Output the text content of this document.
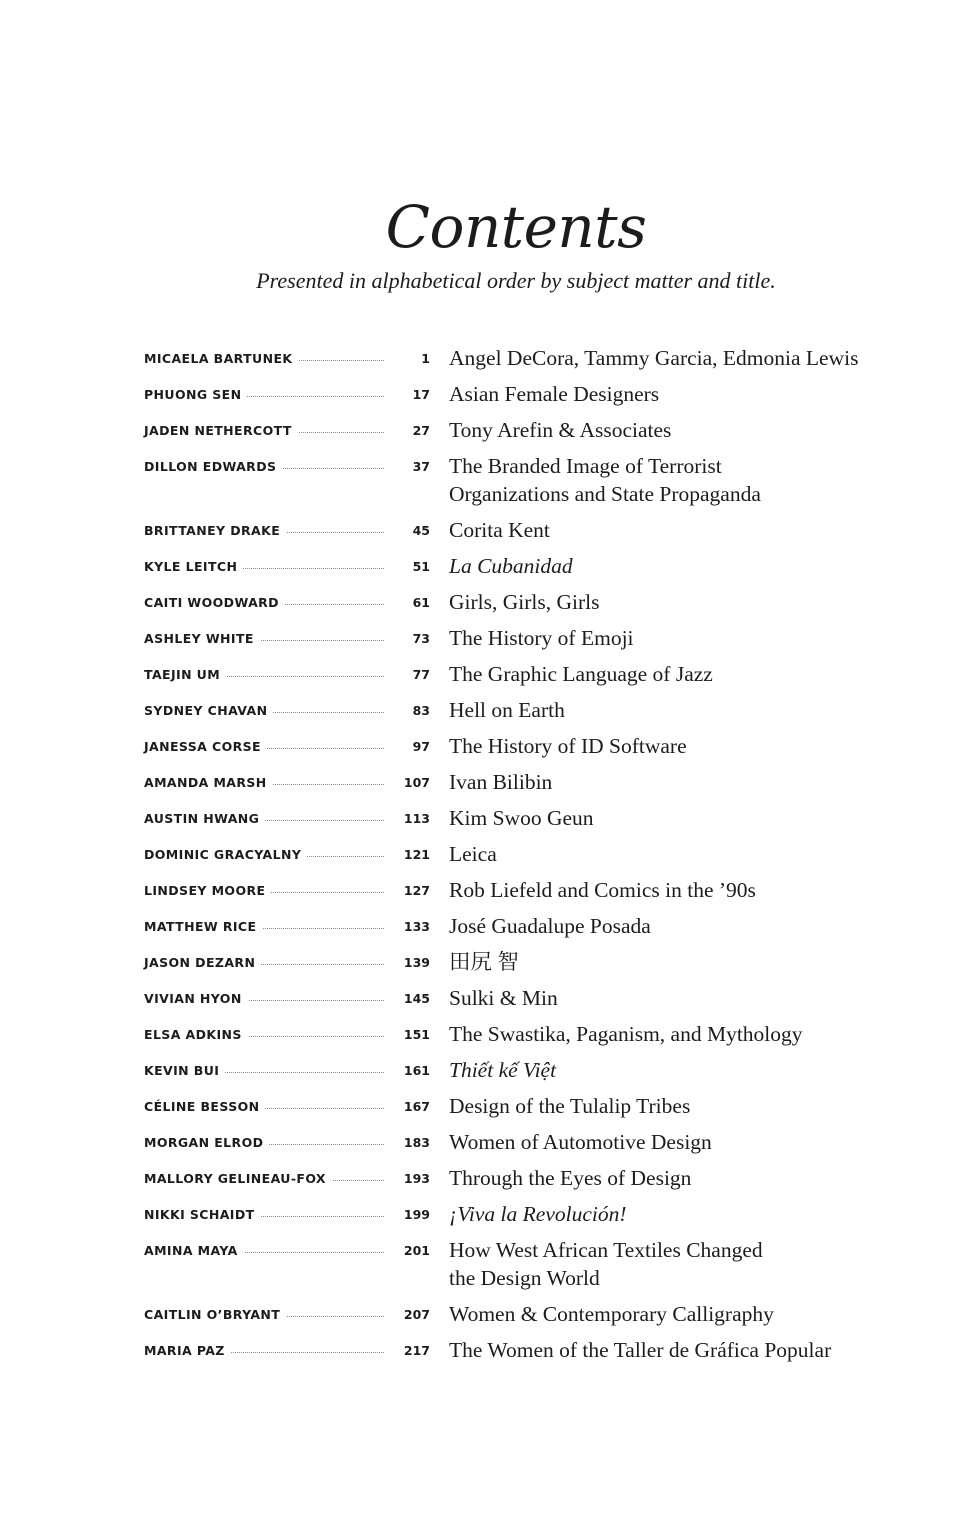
Contents
Presented in alphabetical order by subject matter and title.
MICAELA BARTUNEK	1 Angel DeCora, Tammy Garcia, Edmonia Lewis
PHUONG SEN	17 Asian Female Designers
JADEN NETHERCOTT	27 Tony Arefin & Associates
DILLON EDWARDS	37 The Branded Image of Terrorist
Organizations and State Propaganda
BRITTANEY DRAKE	45 Corita Kent
KYLE LEITCH	51 La Cubanidad
CAITI WOODWARD	61 Girls, Girls, Girls
ASHLEY WHITE	73 The History of Emoji
TAEJIN UM	77 The Graphic Language of Jazz
SYDNEY CHAVAN	83 Hell on Earth
JANESSA CORSE	97 The History of ID Software
AMANDA MARSH	107 Ivan Bilibin
AUSTIN HWANG	113 Kim Swoo Geun
DOMINIC GRACYALNY	121 Leica
LINDSEY MOORE	127 Rob Liefeld and Comics in the ’90s
MATTHEW RICE	133 José Guadalupe Posada
JASON DEZARN	139 田尻 智
VIVIAN HYON	145 Sulki & Min
ELSA ADKINS	151 The Swastika, Paganism, and Mythology
KEVIN BUI	161 Thiết kế Việt
CÉLINE BESSON	167 Design of the Tulalip Tribes
MORGAN ELROD	183 Women of Automotive Design
MALLORY GELINEAU-FOX	193 Through the Eyes of Design
NIKKI SCHAIDT	199 ¡Viva la Revolución!
AMINA MAYA	201 How West African Textiles Changed
the Design World
CAITLIN O’BRYANT	207 Women & Contemporary Calligraphy
MARIA PAZ	217 The Women of the Taller de Gráfica Popular
